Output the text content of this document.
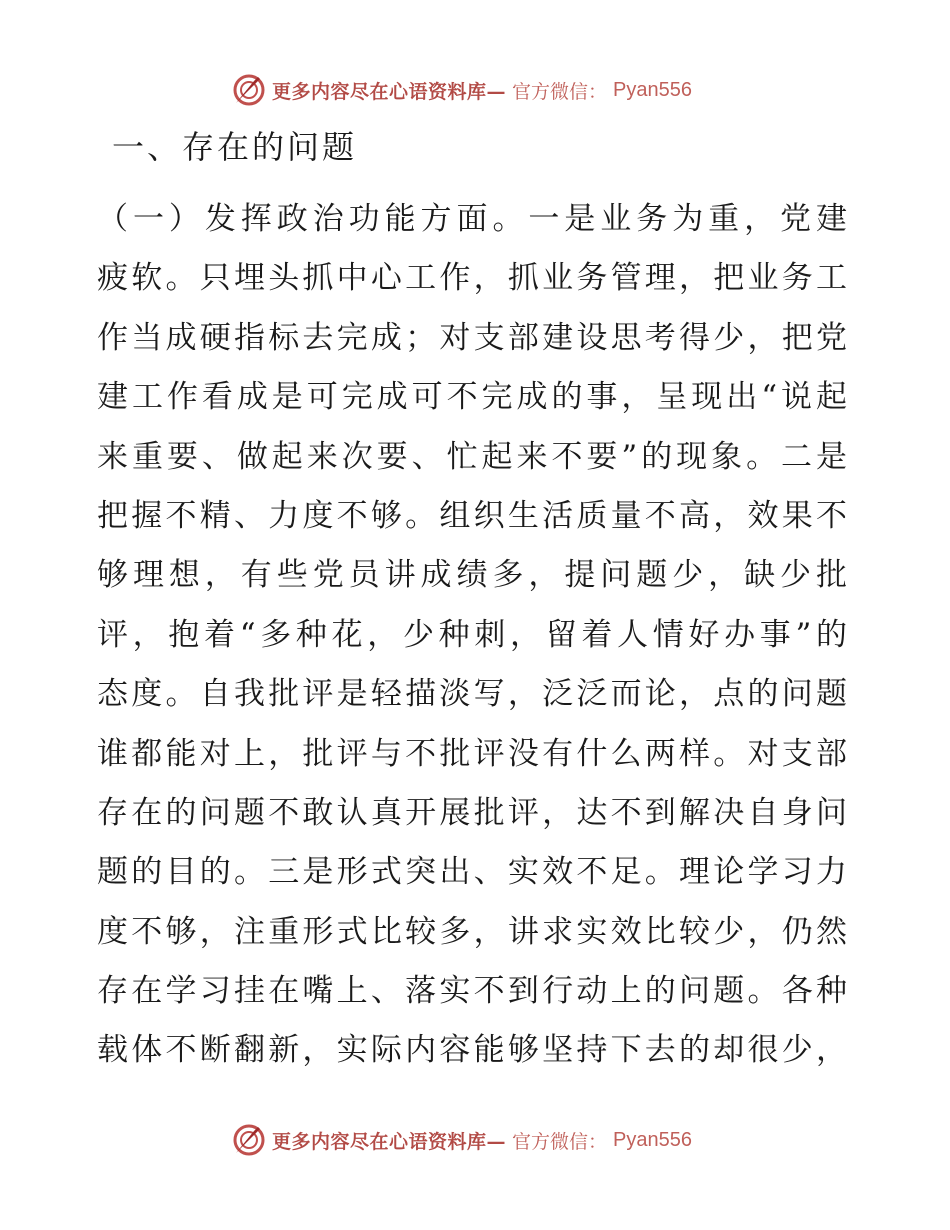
更多内容尽在心语资料库— 官方微信： Pyan556
一、存在的问题
（一）发挥政治功能方面。一是业务为重，党建
疲软。只埋头抓中心工作，抓业务管理，把业务工
作当成硬指标去完成；对支部建设思考得少，把党
建工作看成是可完成可不完成的事，呈现出“说起
来重要、做起来次要、忙起来不要”的现象。二是
把握不精、力度不够。组织生活质量不高，效果不
够理想，有些党员讲成绩多，提问题少，缺少批
评，抱着“多种花，少种刺，留着人情好办事”的
态度。自我批评是轻描淡写，泛泛而论，点的问题
谁都能对上，批评与不批评没有什么两样。对支部
存在的问题不敢认真开展批评，达不到解决自身问
题的目的。三是形式突出、实效不足。理论学习力
度不够，注重形式比较多，讲求实效比较少，仍然
存在学习挂在嘴上、落实不到行动上的问题。各种
载体不断翻新，实际内容能够坚持下去的却很少，
更多内容尽在心语资料库— 官方微信： Pyan556
